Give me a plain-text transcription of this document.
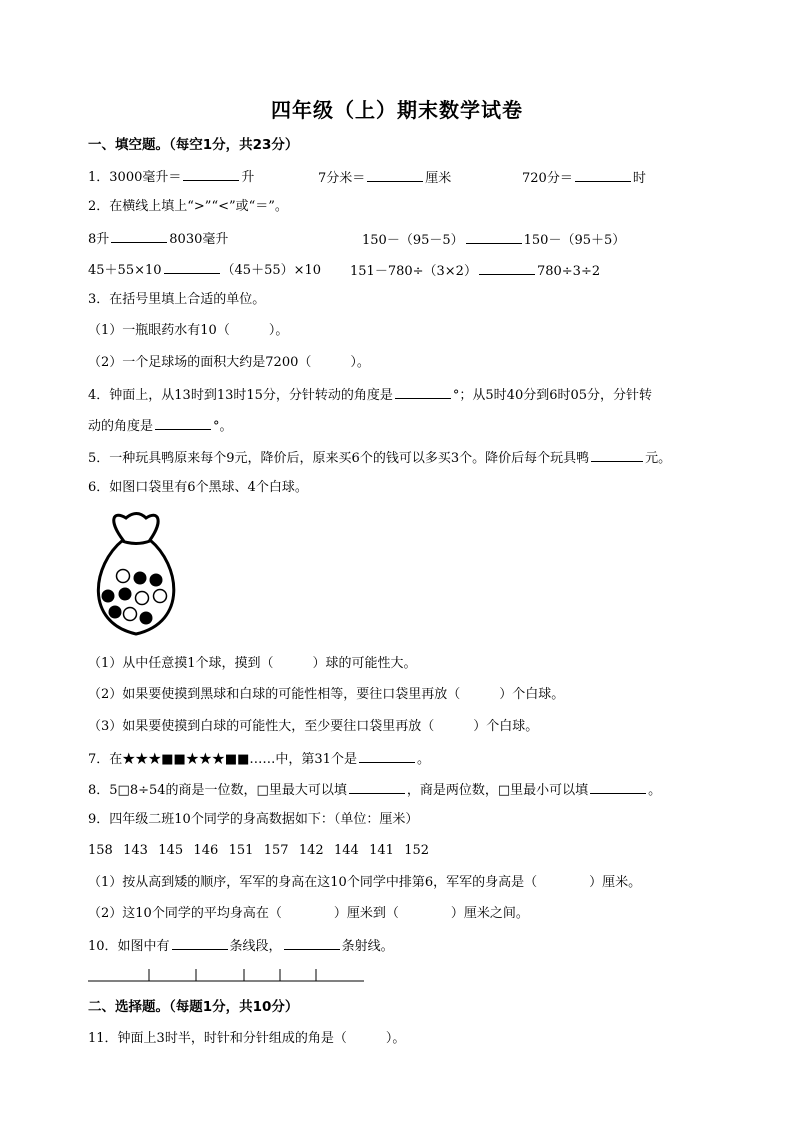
四年级（上）期末数学试卷
一、填空题。（每空1分，共23分）
1．3000毫升＝	升	7分米＝	厘米	720分＝	时
2．在横线上填上“>”“<”或“＝”。
8升	8030毫升	150－（95－5）	150－（95＋5）
45＋55×10	（45＋55）×10 151－780÷（3×2）	780÷3÷2
3．在括号里填上合适的单位。
（1）一瓶眼药水有10（　　　）。
（2）一个足球场的面积大约是7200（　　　）。
4．钟面上，从13时到13时15分，分针转动的角度是	°；从5时40分到6时05分，分针转
动的角度是	°。
5．一种玩具鸭原来每个9元，降价后，原来买6个的钱可以多买3个。降价后每个玩具鸭	元。
6．如图口袋里有6个黑球、4个白球。
（1）从中任意摸1个球，摸到（　　　）球的可能性大。
（2）如果要使摸到黑球和白球的可能性相等，要往口袋里再放（　　　）个白球。
（3）如果要使摸到白球的可能性大，至少要往口袋里再放（　　　）个白球。
7．在★★★■■★★★■■……中，第31个是	。
8．5□8÷54的商是一位数，□里最大可以填	，商是两位数，□里最小可以填	。
9．四年级二班10个同学的身高数据如下：（单位：厘米）
158 143 145 146 151 157 142 144 141 152
（1）按从高到矮的顺序，军军的身高在这10个同学中排第6，军军的身高是（　　　　）厘米。
（2）这10个同学的平均身高在（　　　　）厘米到（　　　　）厘米之间。
10．如图中有	条线段，	条射线。
二、选择题。（每题1分，共10分）
11．钟面上3时半，时针和分针组成的角是（　　　）。
